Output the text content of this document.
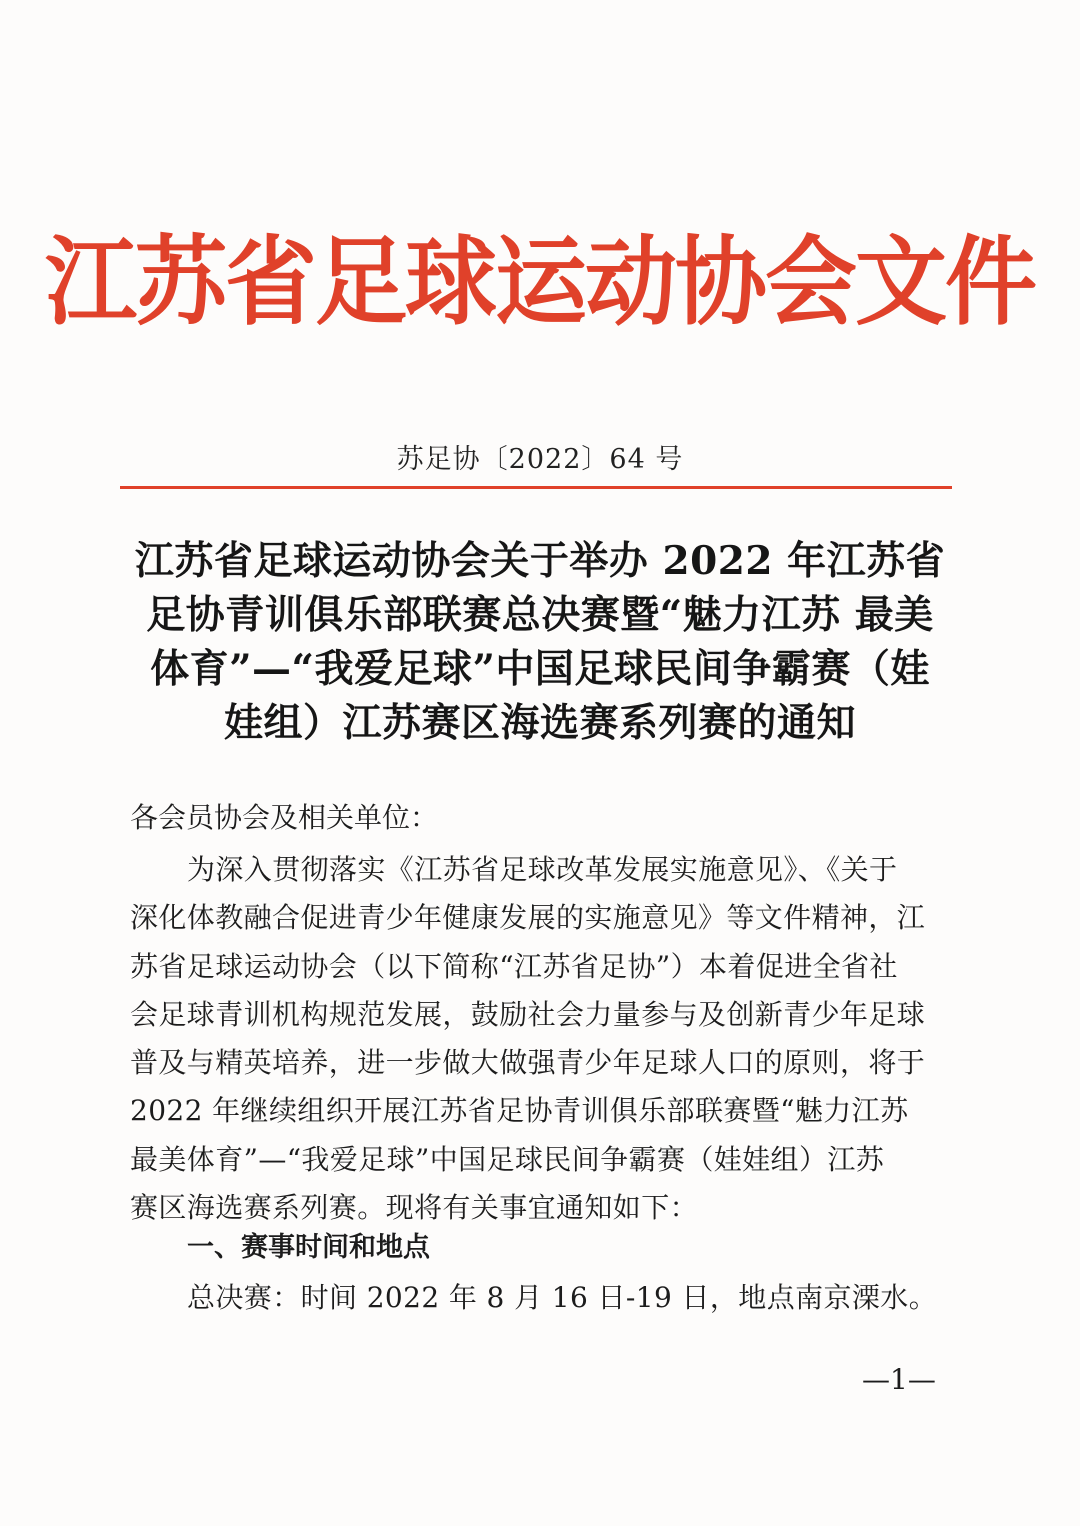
江苏省足球运动协会文件
苏足协〔2022〕64 号
江苏省足球运动协会关于举办 2022 年江苏省
足协青训俱乐部联赛总决赛暨“魅力江苏 最美
体育”—“我爱足球”中国足球民间争霸赛（娃
娃组）江苏赛区海选赛系列赛的通知
各会员协会及相关单位：
为深入贯彻落实《江苏省足球改革发展实施意见》、《关于
深化体教融合促进青少年健康发展的实施意见》等文件精神，江
苏省足球运动协会（以下简称“江苏省足协”）本着促进全省社
会足球青训机构规范发展，鼓励社会力量参与及创新青少年足球
普及与精英培养，进一步做大做强青少年足球人口的原则，将于
2022 年继续组织开展江苏省足协青训俱乐部联赛暨“魅力江苏
最美体育”—“我爱足球”中国足球民间争霸赛（娃娃组）江苏
赛区海选赛系列赛。现将有关事宜通知如下：
一、赛事时间和地点
总决赛：时间 2022 年 8 月 16 日-19 日，地点南京溧水。
—1—
